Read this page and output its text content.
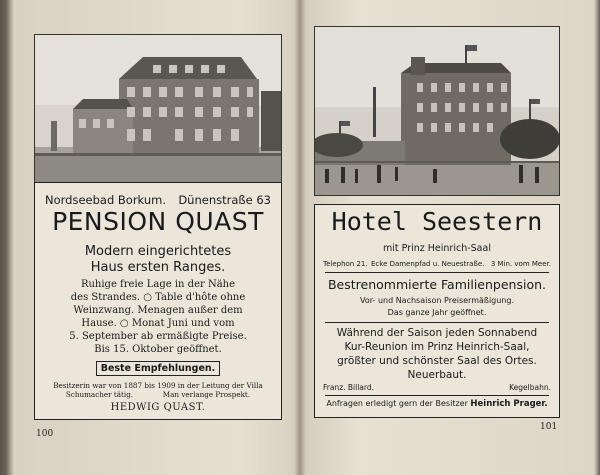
Nordseebad Borkum. Dünenstraße 63
PENSION QUAST
Modern eingerichtetes
Haus ersten Ranges.
Ruhige freie Lage in der Nähe
des Strandes. ○ Table d'hôte ohne
Weinzwang. Menagen außer dem
Hause. ○ Monat Juni und vom
5. September ab ermäßigte Preise.
Bis 15. Oktober geöffnet.
Beste Empfehlungen.
Besitzerin war von 1887 bis 1909 in der Leitung der Villa
Schumacher tätig.             Man verlange Prospekt.
HEDWIG QUAST.
100
Hotel Seestern
mit Prinz Heinrich-Saal
Telephon 21. Ecke Damenpfad u. Neuestraße. 3 Min. vom Meer.
Bestrenommierte Familienpension.
Vor- und Nachsaison Preisermäßigung.
Das ganze Jahr geöffnet.
Während der Saison jeden Sonnabend
Kur-Reunion im Prinz Heinrich-Saal,
größter und schönster Saal des Ortes.
Neuerbaut.
Franz. Billard.	Kegelbahn.
Anfragen erledigt gern der Besitzer Heinrich Prager.
101
